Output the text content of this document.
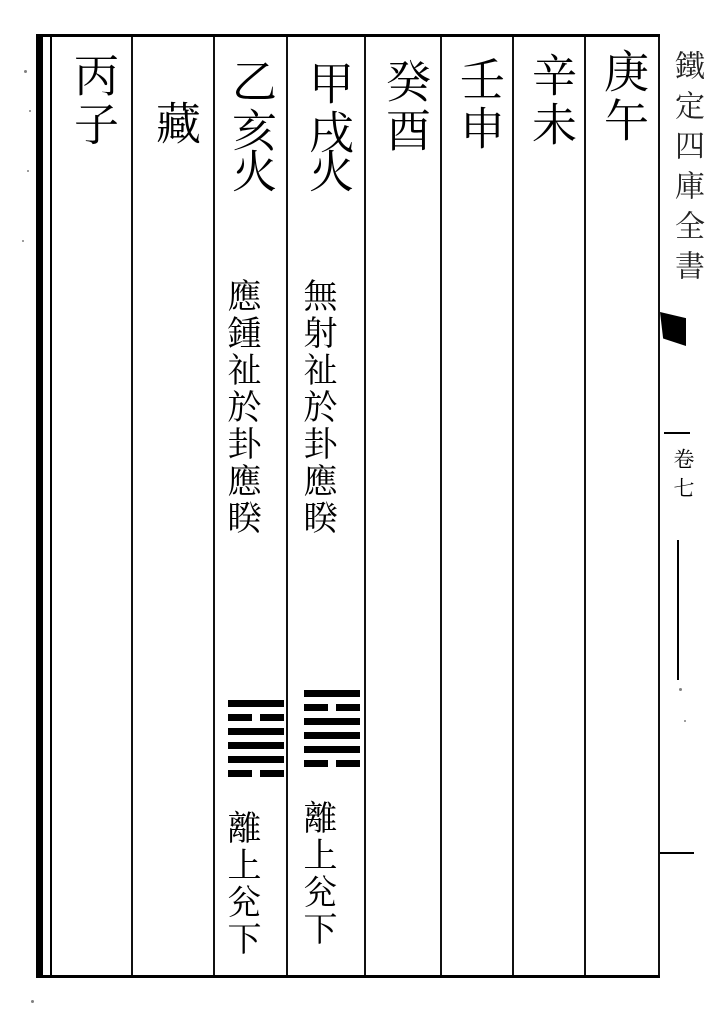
庚午
辛未
壬申
癸酉
甲戌
火
無射祉於卦應睽
離上兊下
乙亥
火
應鍾祉於卦應睽
離上兊下
藏
丙子	鐵定四庫全書
卷七
